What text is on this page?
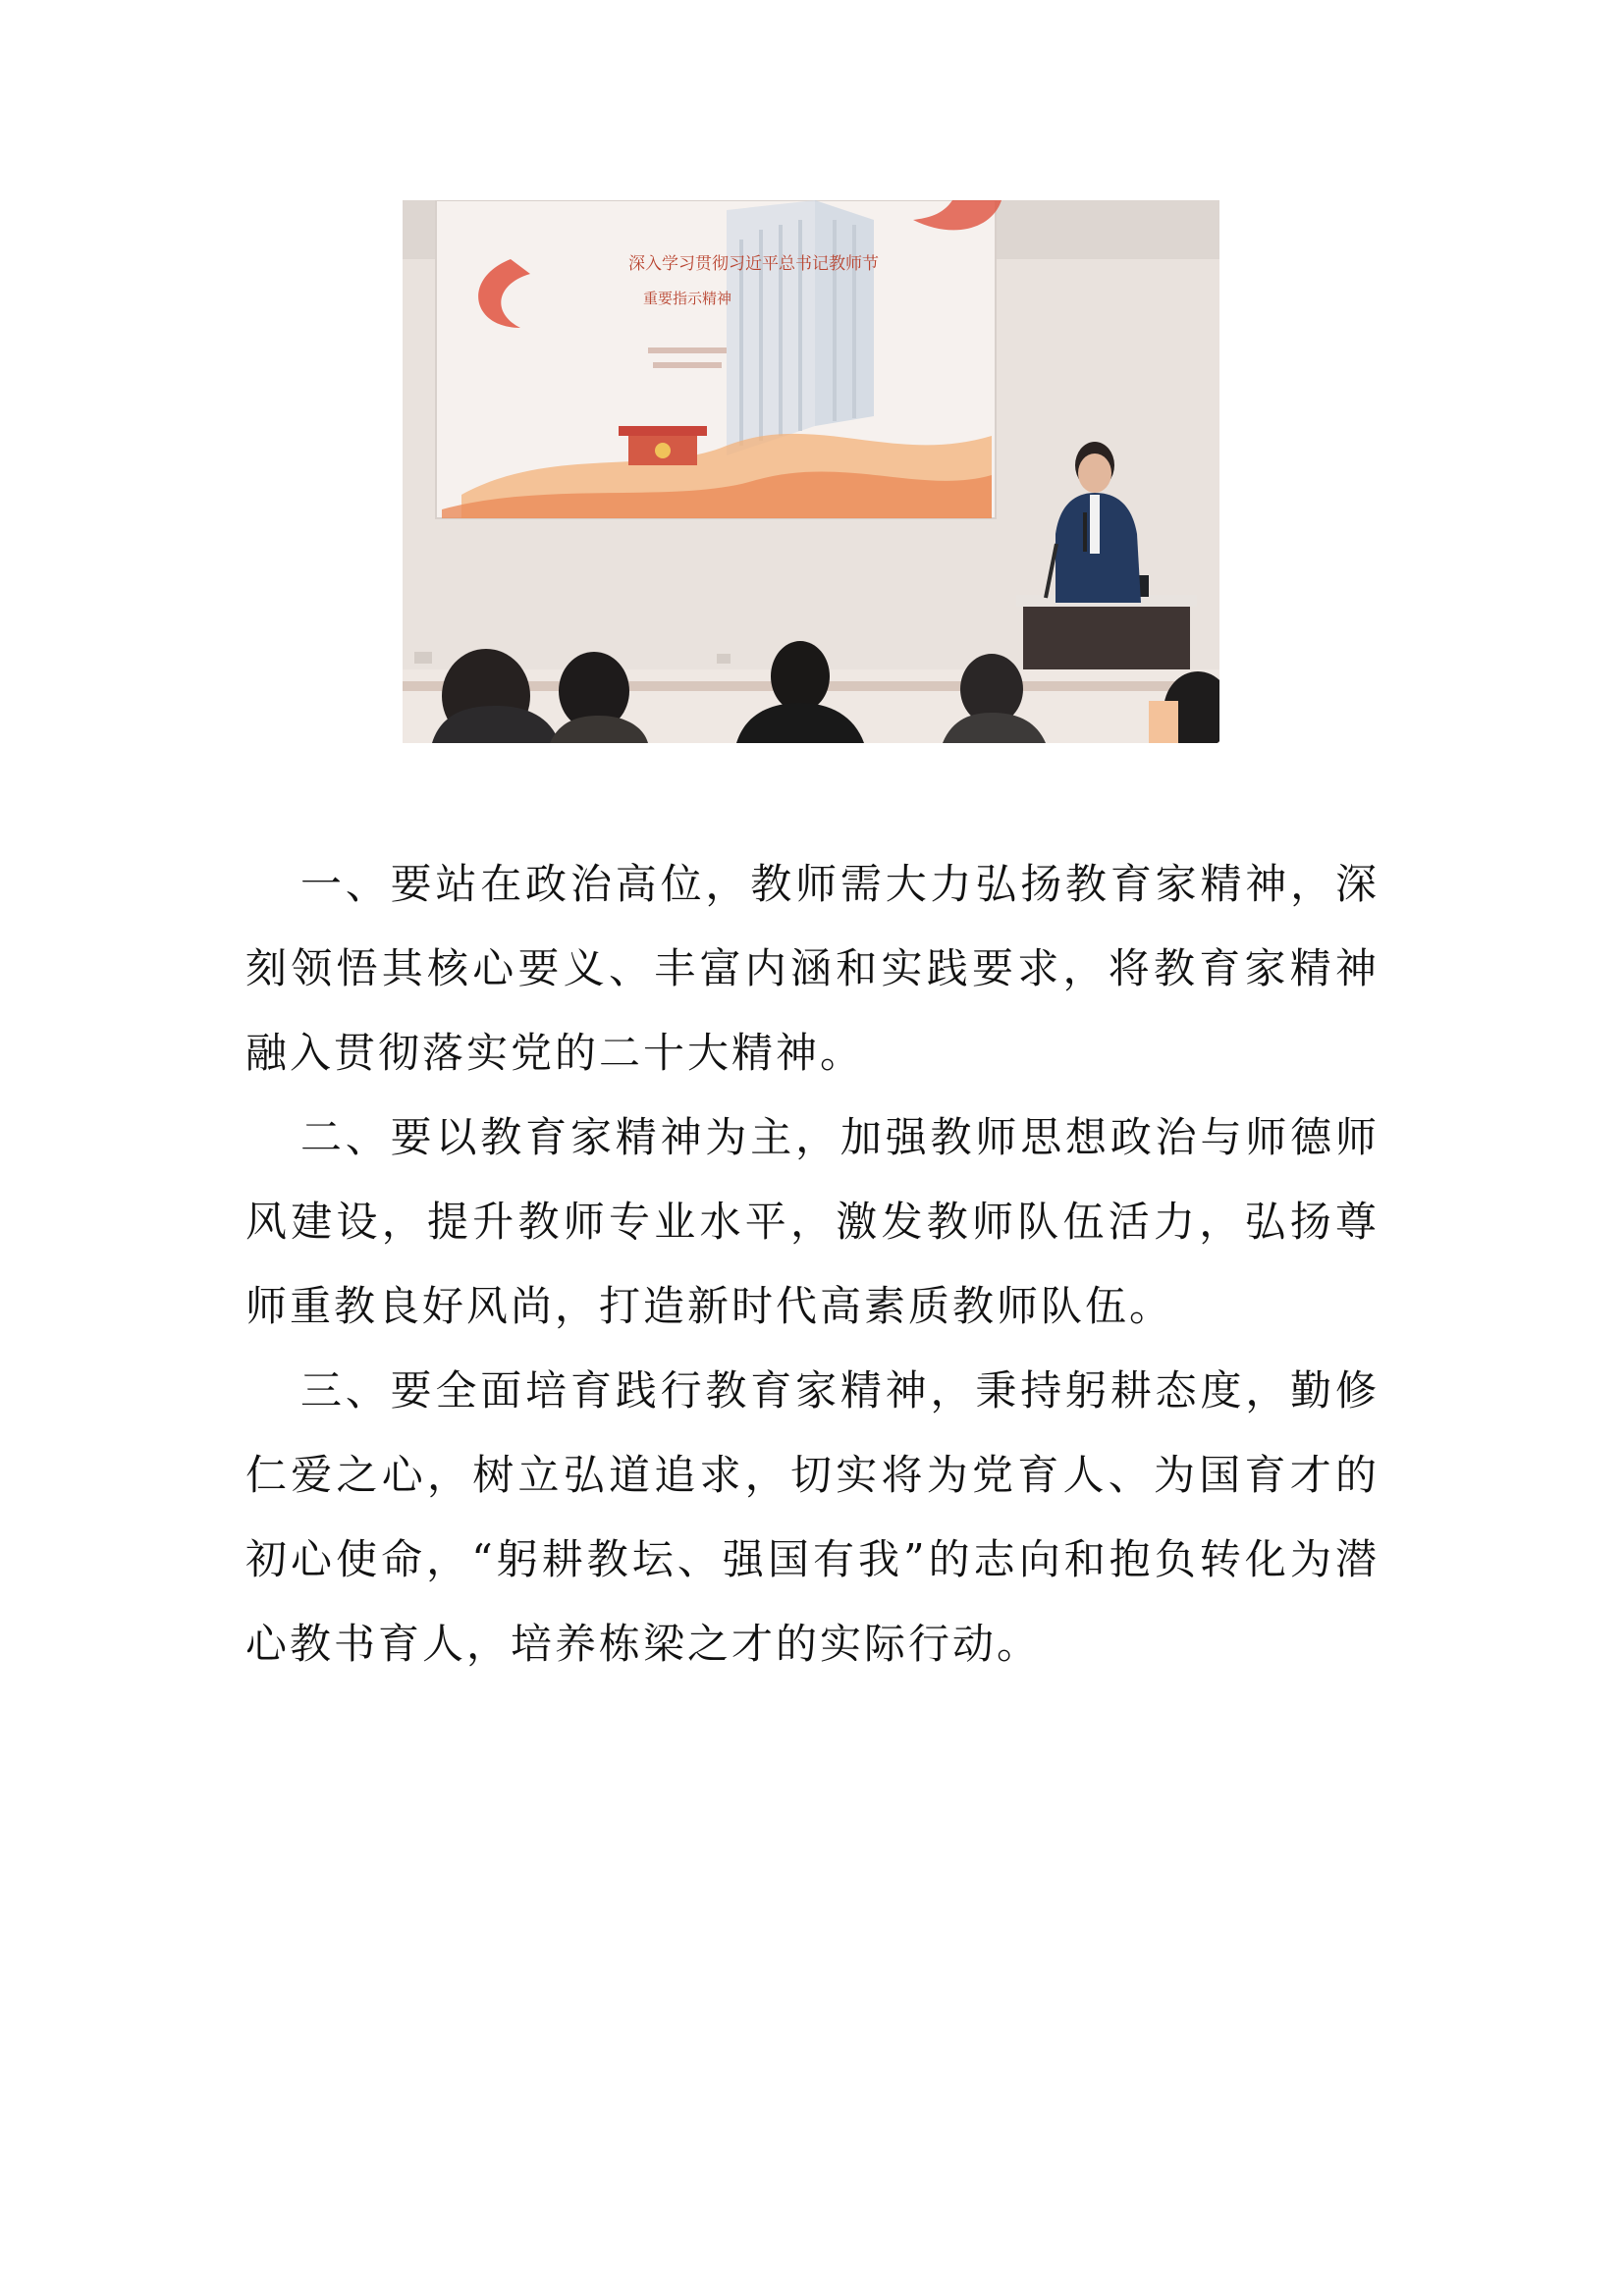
深入学习贯彻习近平总书记教师节
重要指示精神

一、要站在政治高位，教师需大力弘扬教育家精神，深刻领悟其核心要义、丰富内涵和实践要求，将教育家精神融入贯彻落实党的二十大精神。

二、要以教育家精神为主，加强教师思想政治与师德师风建设，提升教师专业水平，激发教师队伍活力，弘扬尊师重教良好风尚，打造新时代高素质教师队伍。

三、要全面培育践行教育家精神，秉持躬耕态度，勤修仁爱之心，树立弘道追求，切实将为党育人、为国育才的初心使命，“躬耕教坛、强国有我”的志向和抱负转化为潜心教书育人，培养栋梁之才的实际行动。
